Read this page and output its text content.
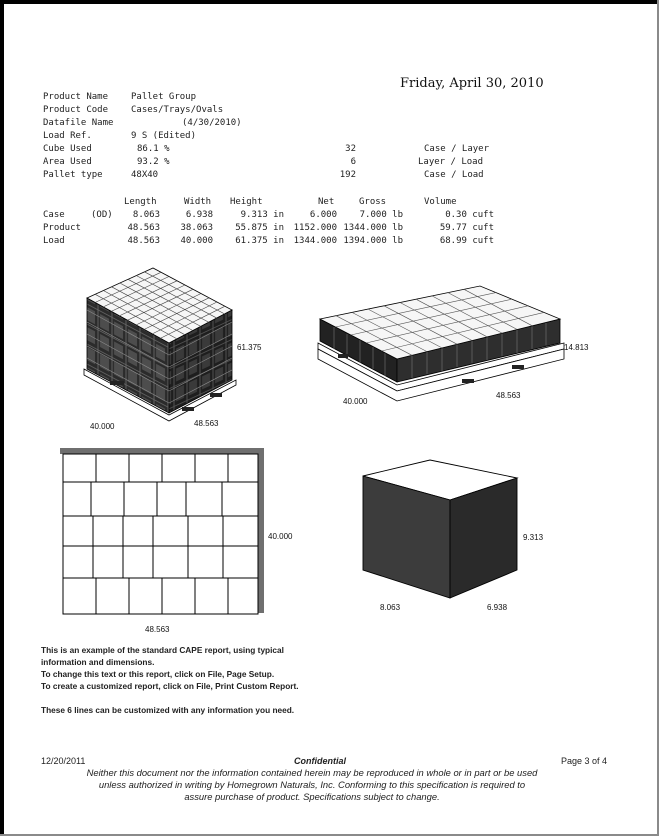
Friday, April 30, 2010
Product Name	Pallet Group
Product Code	Cases/Trays/Ovals
Datafile Name	(4/30/2010)
Load Ref.	9 S (Edited)
Cube Used	86.1 %
Area Used	93.2 %
Pallet type	48X40
32	Case / Layer
6	Layer / Load
192	Case / Load
Length	Width Height	Net	Gross	Volume
Case	(OD)	8.063	6.938	9.313 in	6.000	7.000 lb	0.30 cuft
Product	48.563	38.063	55.875 in	1152.000 1344.000 lb	59.77 cuft
Load	48.563	40.000	61.375 in	1344.000 1394.000 lb	68.99 cuft
61.375
40.000	48.563
14.813
40.000
48.563
40.000
48.563
9.313
8.063	6.938
This is an example of the standard CAPE report, using typical
information and dimensions.
To change this text or this report, click on File, Page Setup.
To create a customized report, click on File, Print Custom Report.
These 6 lines can be customized with any information you need.
12/20/2011	Confidential	Page 3 of 4
Neither this document nor the information contained herein may be reproduced in whole or in part or be used
unless authorized in writing by Homegrown Naturals, Inc. Conforming to this specification is required to
assure purchase of product. Specifications subject to change.
